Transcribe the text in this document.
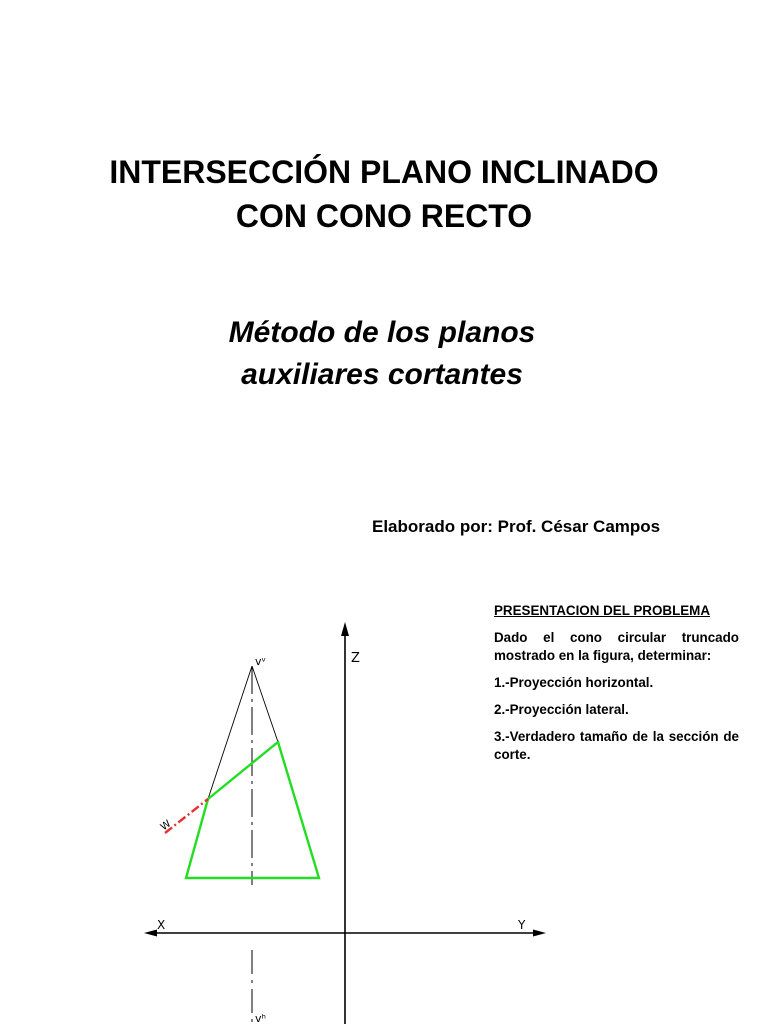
INTERSECCIÓN PLANO INCLINADO
CON CONO RECTO
Método de los planos
auxiliares cortantes
Elaborado por: Prof. César Campos
PRESENTACION DEL PROBLEMA
Dado el cono circular truncado mostrado en la figura, determinar:
1.-Proyección horizontal.
2.-Proyección lateral.
3.-Verdadero tamaño de la sección de corte.
Z
X	Y
vᵛ
vʰ
W
